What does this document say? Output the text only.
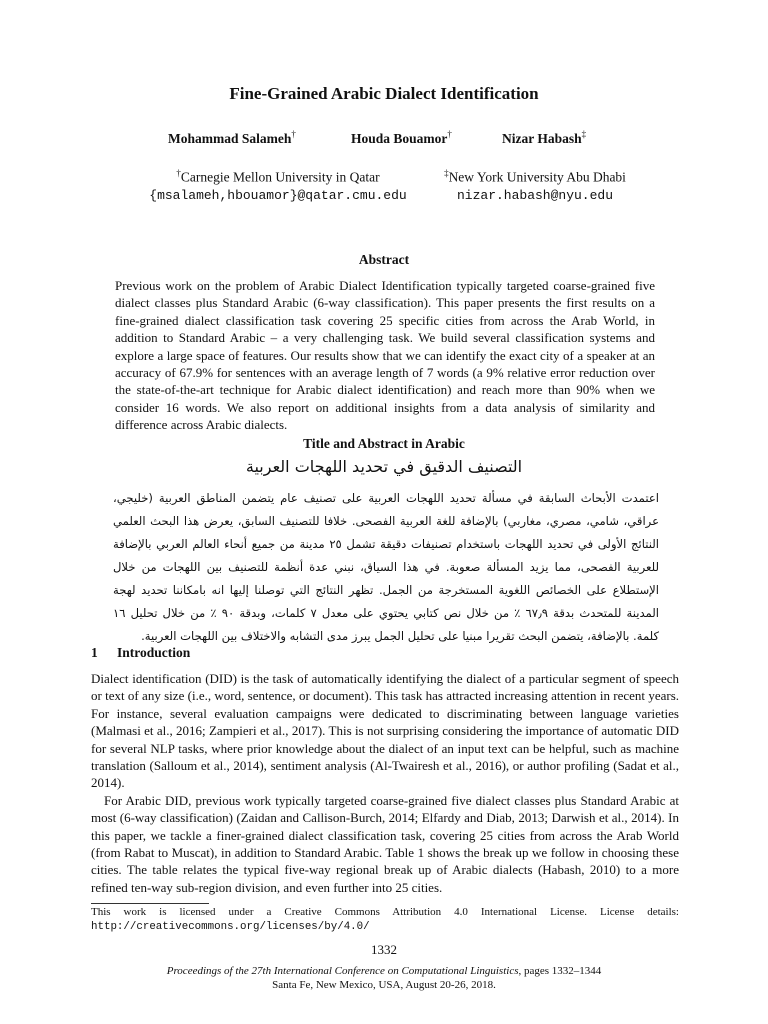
Fine-Grained Arabic Dialect Identification
Mohammad Salameh†	Houda Bouamor†	Nizar Habash‡
†Carnegie Mellon University in Qatar
{msalameh,hbouamor}@qatar.cmu.edu
‡New York University Abu Dhabi
nizar.habash@nyu.edu
Abstract
Previous work on the problem of Arabic Dialect Identification typically targeted coarse-grained five dialect classes plus Standard Arabic (6-way classification). This paper presents the first results on a fine-grained dialect classification task covering 25 specific cities from across the Arab World, in addition to Standard Arabic – a very challenging task. We build several classification systems and explore a large space of features. Our results show that we can identify the exact city of a speaker at an accuracy of 67.9% for sentences with an average length of 7 words (a 9% relative error reduction over the state-of-the-art technique for Arabic dialect identification) and reach more than 90% when we consider 16 words. We also report on additional insights from a data analysis of similarity and difference across Arabic dialects.
Title and Abstract in Arabic
التصنيف الدقيق في تحديد اللهجات العربية
اعتمدت الأبحاث السابقة في مسألة تحديد اللهجات العربية على تصنيف عام يتضمن المناطق العربية (خليجي، عراقي، شامي، مصري، مغاربي) بالإضافة للغة العربية الفصحى. خلافا للتصنيف السابق، يعرض هذا البحث العلمي النتائج الأولى في تحديد اللهجات باستخدام تصنيفات دقيقة تشمل ٢٥ مدينة من جميع أنحاء العالم العربي بالإضافة للعربية الفصحى، مما يزيد المسألة صعوبة. في هذا السياق، نبني عدة أنظمة للتصنيف بين اللهجات من خلال الإستطلاع على الخصائص اللغوية المستخرجة من الجمل. تظهر النتائج التي توصلنا إليها انه بامكاننا تحديد لهجة المدينة للمتحدث بدقة ٦٧٫٩ ٪ من خلال نص كتابي يحتوي على معدل ٧ كلمات، وبدقة ٩٠ ٪ من خلال تحليل ١٦ كلمة. بالإضافة، يتضمن البحث تقريرا مبنيا على تحليل الجمل يبرز مدى التشابه والاختلاف بين اللهجات العربية.
1 Introduction

Dialect identification (DID) is the task of automatically identifying the dialect of a particular segment of speech or text of any size (i.e., word, sentence, or document). This task has attracted increasing attention in recent years. For instance, several evaluation campaigns were dedicated to discriminating between language varieties (Malmasi et al., 2016; Zampieri et al., 2017). This is not surprising considering the importance of automatic DID for several NLP tasks, where prior knowledge about the dialect of an input text can be helpful, such as machine translation (Salloum et al., 2014), sentiment analysis (Al-Twairesh et al., 2016), or author profiling (Sadat et al., 2014).

For Arabic DID, previous work typically targeted coarse-grained five dialect classes plus Standard Arabic at most (6-way classification) (Zaidan and Callison-Burch, 2014; Elfardy and Diab, 2013; Darwish et al., 2014). In this paper, we tackle a finer-grained dialect classification task, covering 25 cities from across the Arab World (from Rabat to Muscat), in addition to Standard Arabic. Table 1 shows the break up we follow in choosing these cities. The table relates the typical five-way regional break up of Arabic dialects (Habash, 2010) to a more refined ten-way sub-region division, and even further into 25 cities.

This work is licensed under a Creative Commons Attribution 4.0 International License. License details: http://creativecommons.org/licenses/by/4.0/
1332
Proceedings of the 27th International Conference on Computational Linguistics, pages 1332–1344
Santa Fe, New Mexico, USA, August 20-26, 2018.
